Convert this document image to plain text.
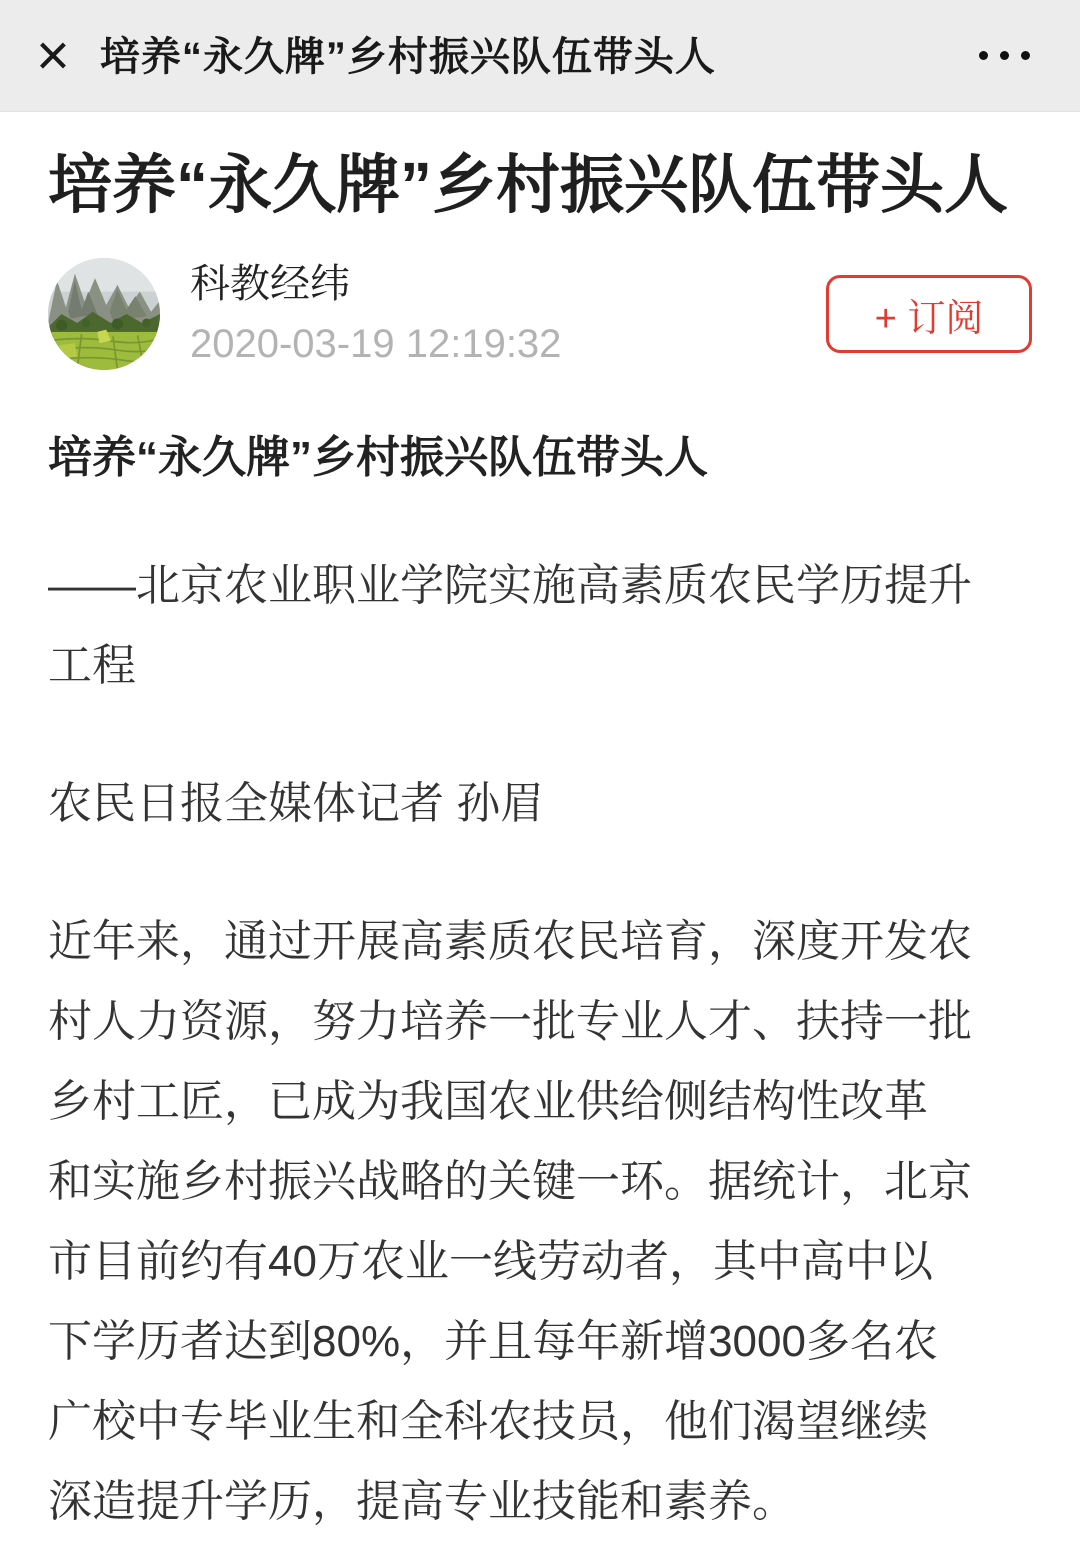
× 培养“永久牌”乡村振兴队伍带头人
培养“永久牌”乡村振兴队伍带头人
科教经纬
2020-03-19 12:19:32
+ 订阅

培养“永久牌”乡村振兴队伍带头人

——北京农业职业学院实施高素质农民学历提升
工程

农民日报全媒体记者 孙眉

近年来，通过开展高素质农民培育，深度开发农
村人力资源，努力培养一批专业人才、扶持一批
乡村工匠，已成为我国农业供给侧结构性改革
和实施乡村振兴战略的关键一环。据统计，北京
市目前约有40万农业一线劳动者，其中高中以
下学历者达到80%，并且每年新增3000多名农
广校中专毕业生和全科农技员，他们渴望继续
深造提升学历，提高专业技能和素养。
